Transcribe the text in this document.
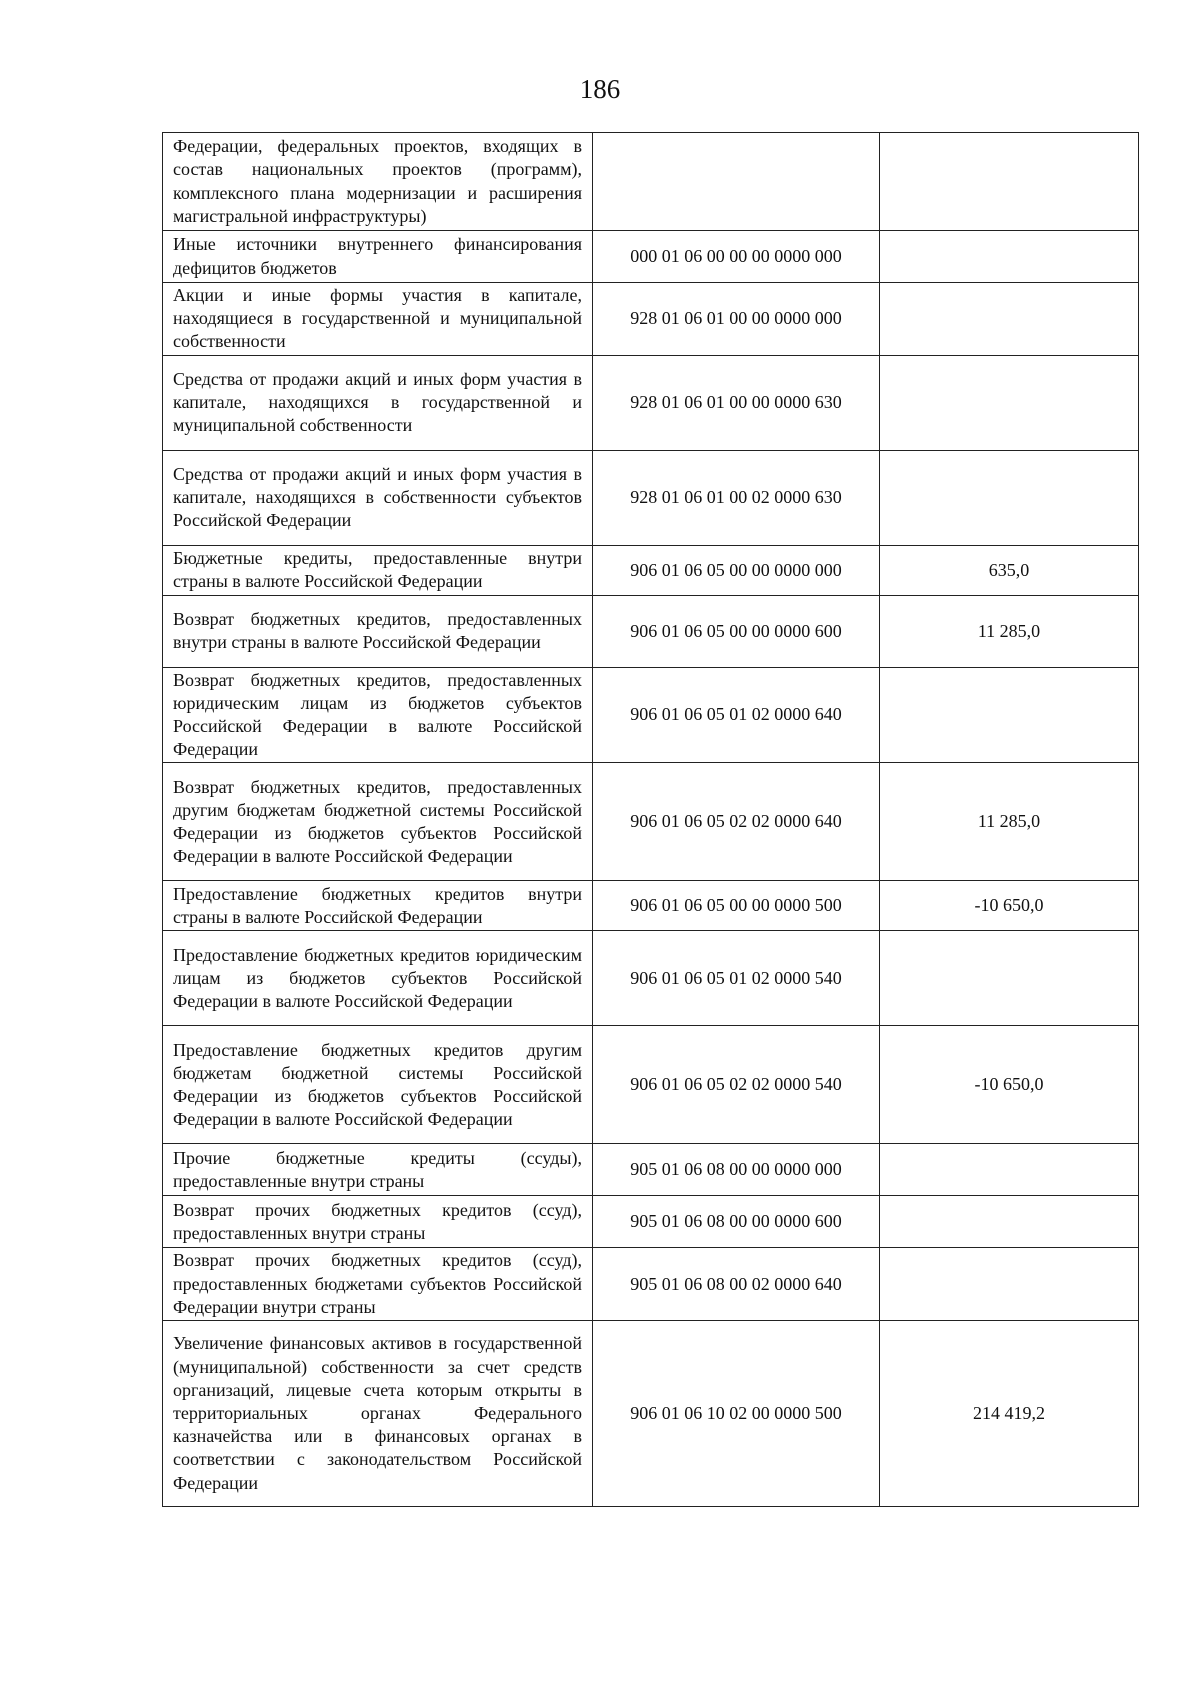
186
Федерации, федеральных проектов, входящих в состав национальных проектов (программ), комплексного плана модернизации и расширения магистральной инфраструктуры)		
Иные источники внутреннего финансирования дефицитов бюджетов	000 01 06 00 00 00 0000 000	
Акции и иные формы участия в капитале, находящиеся в государственной и муниципальной собственности	928 01 06 01 00 00 0000 000	
Средства от продажи акций и иных форм участия в капитале, находящихся в государственной и муниципальной собственности	928 01 06 01 00 00 0000 630	
Средства от продажи акций и иных форм участия в капитале, находящихся в собственности субъектов Российской Федерации	928 01 06 01 00 02 0000 630	
Бюджетные кредиты, предоставленные внутри страны в валюте Российской Федерации	906 01 06 05 00 00 0000 000	635,0
Возврат бюджетных кредитов, предоставленных внутри страны в валюте Российской Федерации	906 01 06 05 00 00 0000 600	11 285,0
Возврат бюджетных кредитов, предоставленных юридическим лицам из бюджетов субъектов Российской Федерации в валюте Российской Федерации	906 01 06 05 01 02 0000 640	
Возврат бюджетных кредитов, предоставленных другим бюджетам бюджетной системы Российской Федерации из бюджетов субъектов Российской Федерации в валюте Российской Федерации	906 01 06 05 02 02 0000 640	11 285,0
Предоставление бюджетных кредитов внутри страны в валюте Российской Федерации	906 01 06 05 00 00 0000 500	-10 650,0
Предоставление бюджетных кредитов юридическим лицам из бюджетов субъектов Российской Федерации в валюте Российской Федерации	906 01 06 05 01 02 0000 540	
Предоставление бюджетных кредитов другим бюджетам бюджетной системы Российской Федерации из бюджетов субъектов Российской Федерации в валюте Российской Федерации	906 01 06 05 02 02 0000 540	-10 650,0
Прочие бюджетные кредиты (ссуды), предоставленные внутри страны	905 01 06 08 00 00 0000 000	
Возврат прочих бюджетных кредитов (ссуд), предоставленных внутри страны	905 01 06 08 00 00 0000 600	
Возврат прочих бюджетных кредитов (ссуд), предоставленных бюджетами субъектов Российской Федерации внутри страны	905 01 06 08 00 02 0000 640	
Увеличение финансовых активов в государственной (муниципальной) собственности за счет средств организаций, лицевые счета которым открыты в территориальных органах Федерального казначейства или в финансовых органах в соответствии с законодательством Российской Федерации	906 01 06 10 02 00 0000 500	214 419,2
